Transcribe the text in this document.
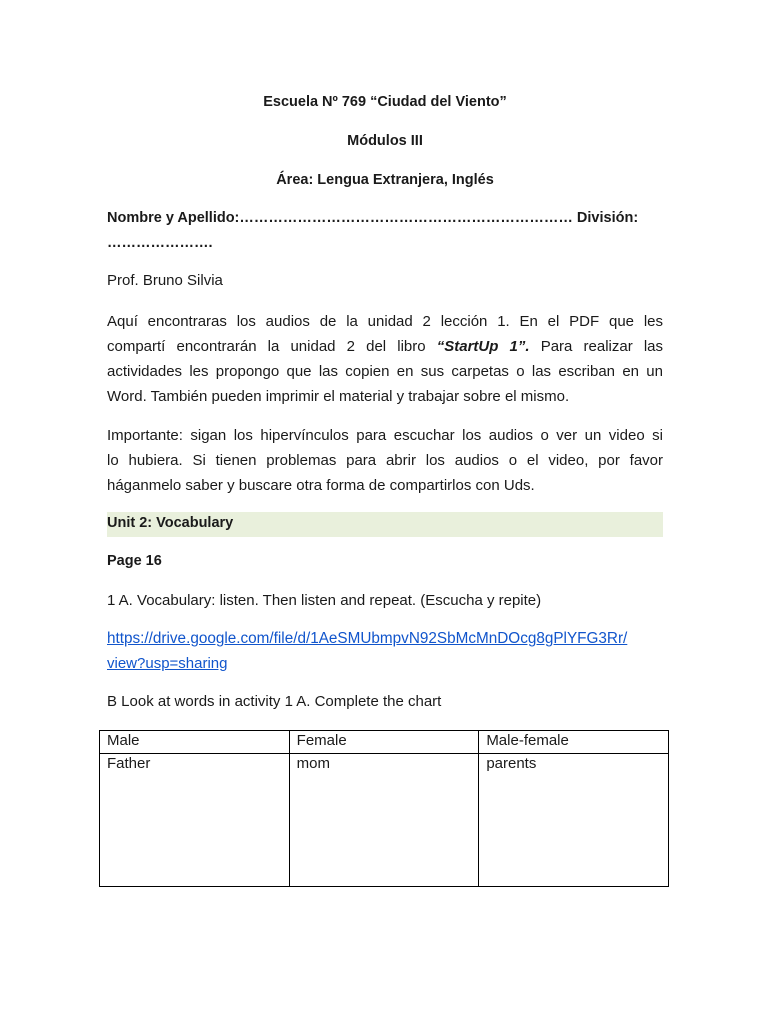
Escuela Nº 769 “Ciudad del Viento”
Módulos III
Área: Lengua Extranjera, Inglés
Nombre y Apellido:…………………………………………………………… División:
………………….
Prof. Bruno Silvia
Aquí encontraras los audios de la unidad 2 lección 1. En el PDF que les
compartí encontrarán la unidad 2 del libro “StartUp 1”. Para realizar las
actividades les propongo que las copien en sus carpetas o las escriban en un
Word. También pueden imprimir el material y trabajar sobre el mismo.
Importante: sigan los hipervínculos para escuchar los audios o ver un video si
lo hubiera. Si tienen problemas para abrir los audios o el video, por favor
háganmelo saber y buscare otra forma de compartirlos con Uds.
Unit 2: Vocabulary
Page 16
1 A. Vocabulary: listen. Then listen and repeat. (Escucha y repite)
https://drive.google.com/file/d/1AeSMUbmpvN92SbMcMnDOcg8gPlYFG3Rr/
view?usp=sharing
B Look at words in activity 1 A. Complete the chart
Male	Female	Male-female
Father	mom	parents
